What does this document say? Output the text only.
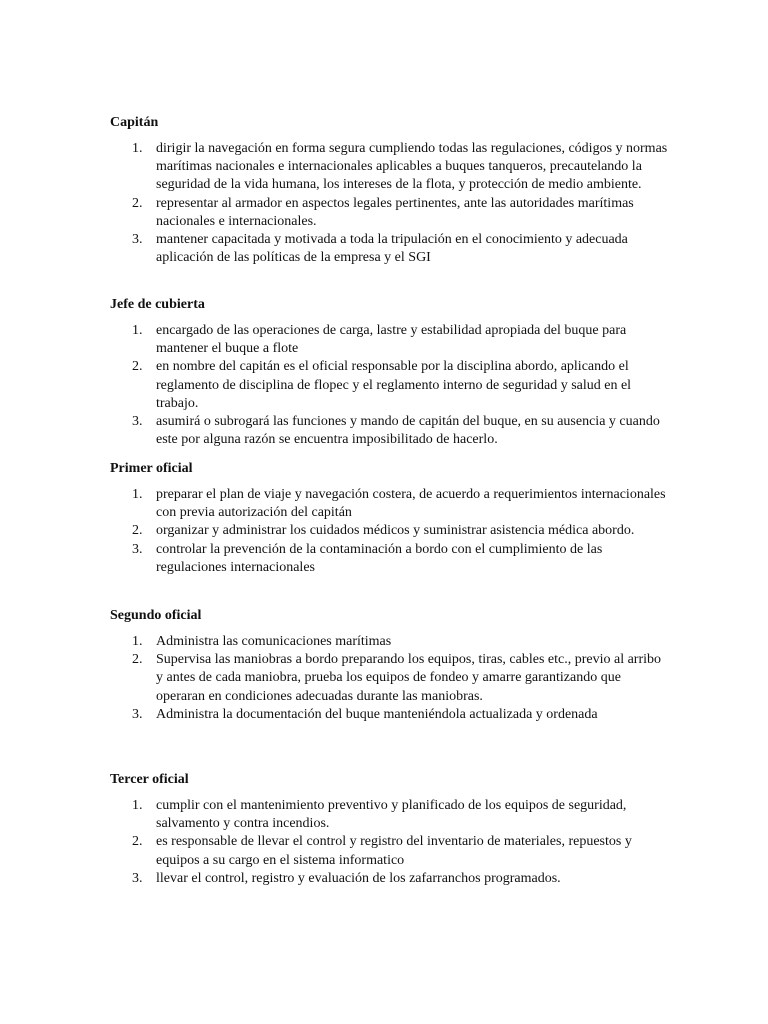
Capitán
1. dirigir la navegación en forma segura cumpliendo todas las regulaciones, códigos y normas marítimas nacionales e internacionales aplicables a buques tanqueros, precautelando la seguridad de la vida humana, los intereses de la flota, y protección de medio ambiente.
2. representar al armador en aspectos legales pertinentes, ante las autoridades marítimas nacionales e internacionales.
3. mantener capacitada y motivada a toda la tripulación en el conocimiento y adecuada aplicación de las políticas de la empresa y el SGI
Jefe de cubierta
1. encargado de las operaciones de carga, lastre y estabilidad apropiada del buque para mantener el buque a flote
2. en nombre del capitán es el oficial responsable por la disciplina abordo, aplicando el reglamento de disciplina de flopec y el reglamento interno de seguridad y salud en el trabajo.
3. asumirá o subrogará las funciones y mando de capitán del buque, en su ausencia y cuando este por alguna razón se encuentra imposibilitado de hacerlo.
Primer oficial
1. preparar el plan de viaje y navegación costera, de acuerdo a requerimientos internacionales con previa autorización del capitán
2. organizar y administrar los cuidados médicos y suministrar asistencia médica abordo.
3. controlar la prevención de la contaminación a bordo con el cumplimiento de las regulaciones internacionales
Segundo oficial
1. Administra las comunicaciones marítimas
2. Supervisa las maniobras a bordo preparando los equipos, tiras, cables etc., previo al arribo y antes de cada maniobra, prueba los equipos de fondeo y amarre garantizando que operaran en condiciones adecuadas durante las maniobras.
3. Administra la documentación del buque manteniéndola actualizada y ordenada
Tercer oficial
1. cumplir con el mantenimiento preventivo y planificado de los equipos de seguridad, salvamento y contra incendios.
2. es responsable de llevar el control y registro del inventario de materiales, repuestos y equipos a su cargo en el sistema informatico
3. llevar el control, registro y evaluación de los zafarranchos programados.
